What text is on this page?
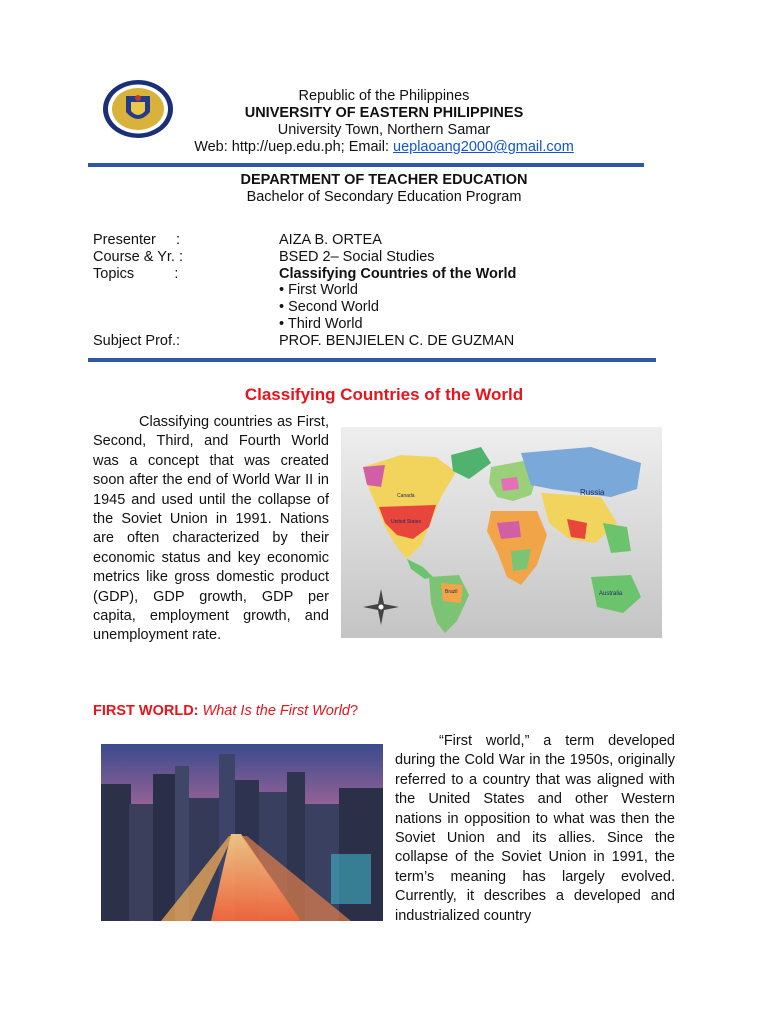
Republic of the Philippines
UNIVERSITY OF EASTERN PHILIPPINES
University Town, Northern Samar
Web: http://uep.edu.ph; Email: ueplaoang2000@gmail.com
DEPARTMENT OF TEACHER EDUCATION
Bachelor of Secondary Education Program
Presenter     :
Course & Yr. :
Topics          :
Subject Prof.:
AIZA B. ORTEA
BSED 2– Social Studies
Classifying Countries of the World
• First World
• Second World
• Third World
PROF. BENJIELEN C. DE GUZMAN
Classifying Countries of the World
Classifying countries as First, Second, Third, and Fourth World was a concept that was created soon after the end of World War II in 1945 and used until the collapse of the Soviet Union in 1991. Nations are often characterized by their economic status and key economic metrics like gross domestic product (GDP), GDP growth, GDP per capita, employment growth, and unemployment rate.
Russia
Australia
Brazil
Canada
United States
FIRST WORLD: What Is the First World?
“First world,” a term developed during the Cold War in the 1950s, originally referred to a country that was aligned with the United States and other Western nations in opposition to what was then the Soviet Union and its allies. Since the collapse of the Soviet Union in 1991, the term’s meaning has largely evolved. Currently, it describes a developed and industrialized country
